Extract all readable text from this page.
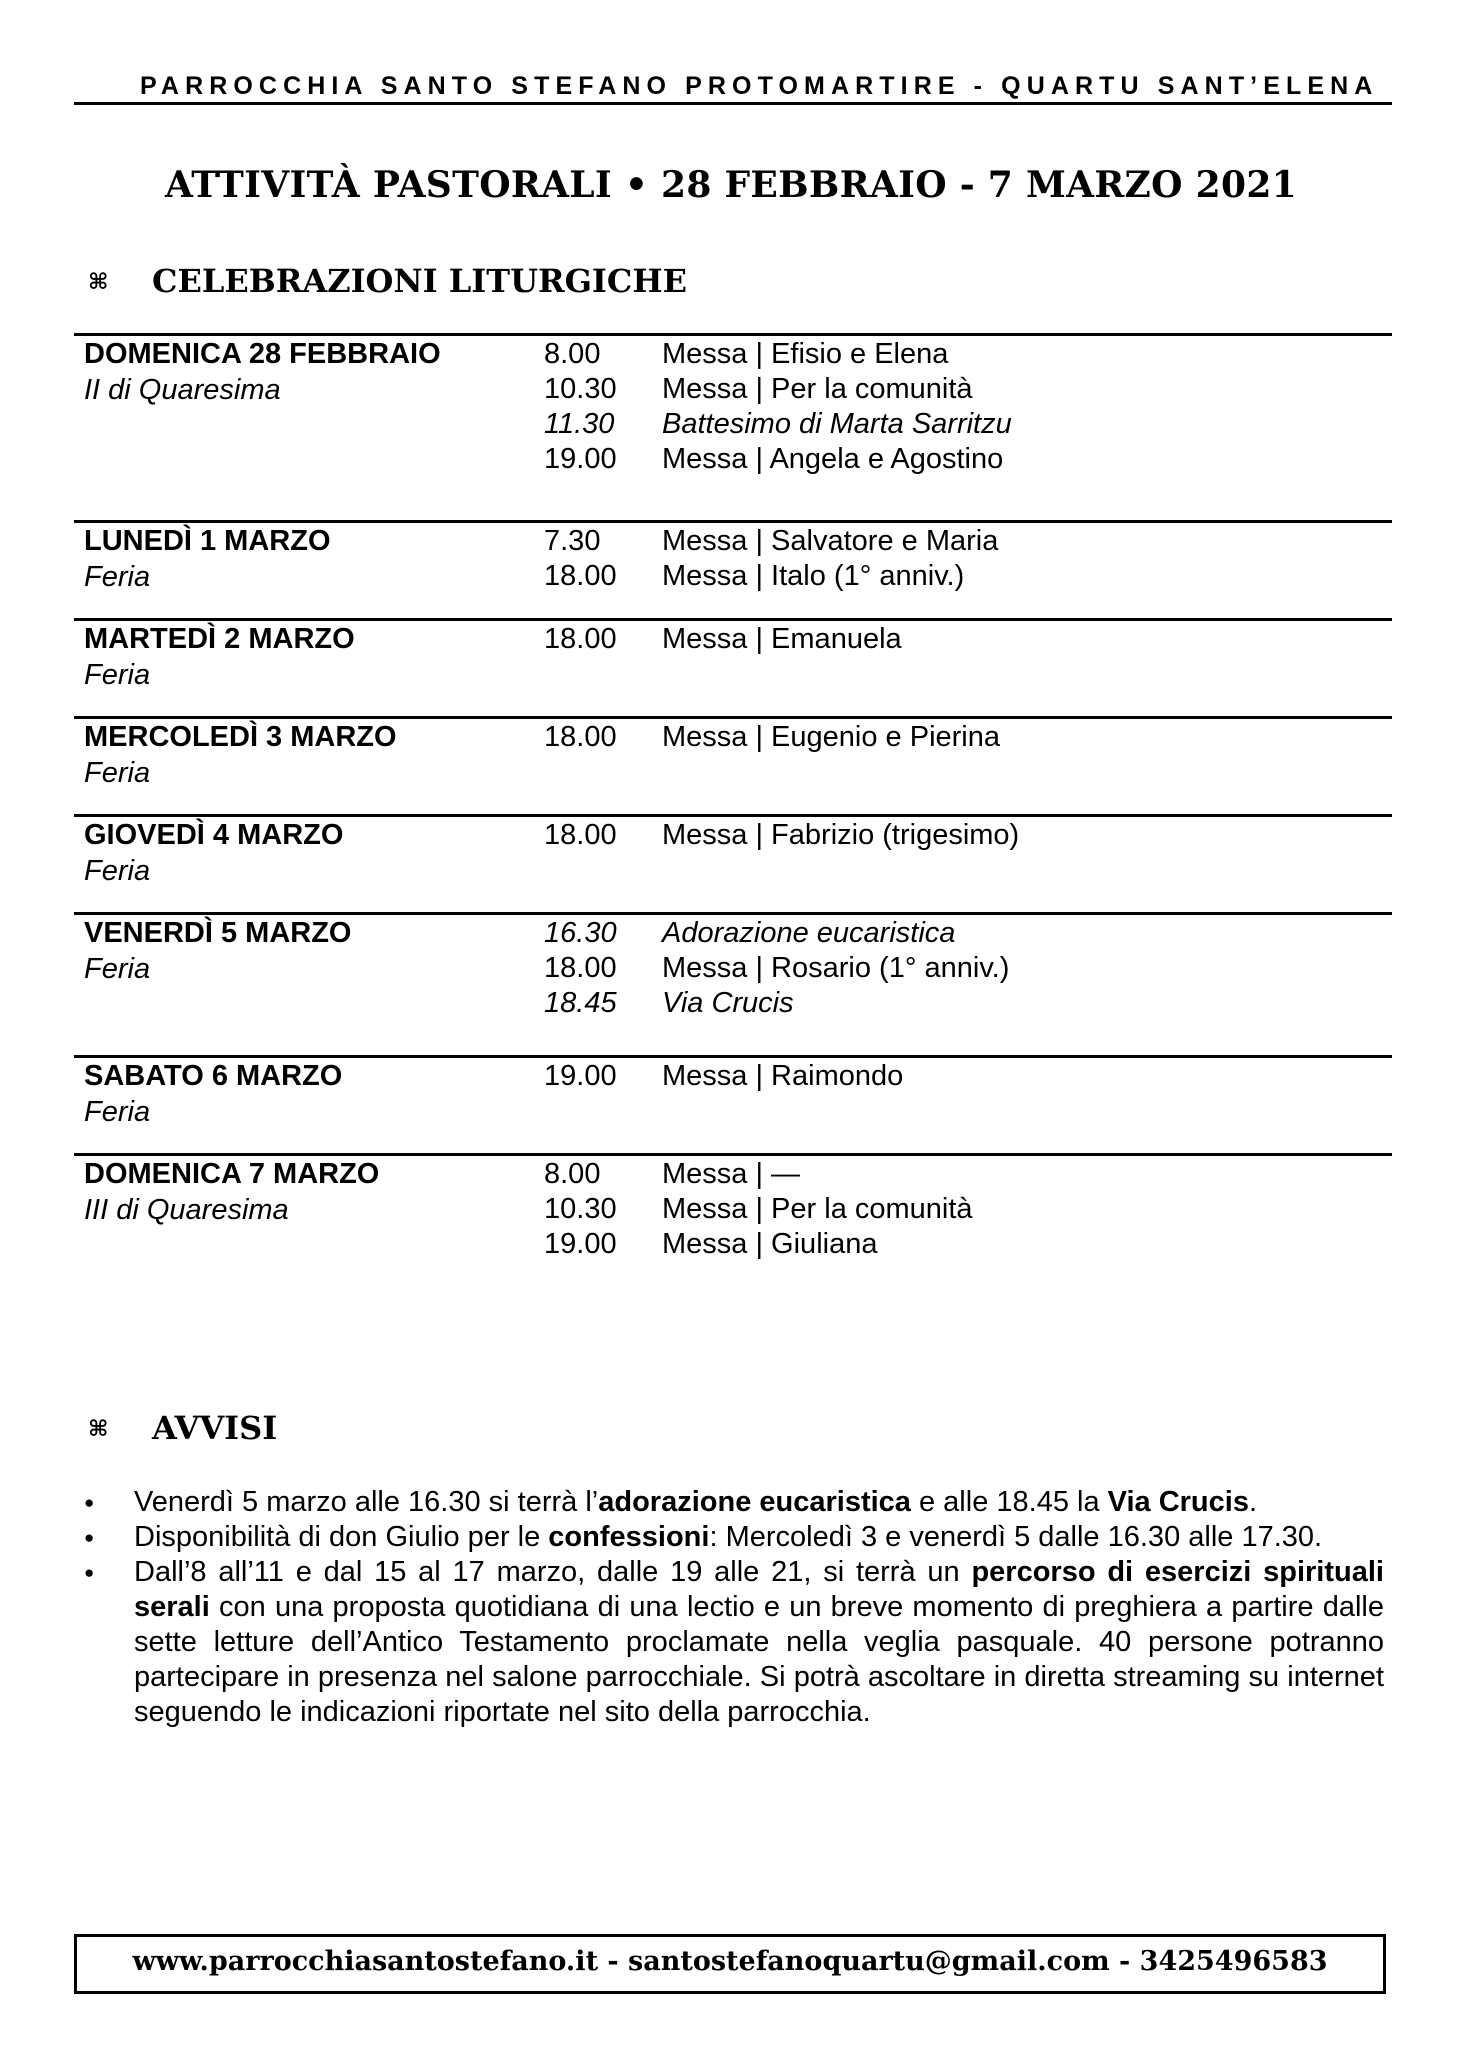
PARROCCHIA SANTO STEFANO PROTOMARTIRE - QUARTU SANT’ELENA
ATTIVITÀ PASTORALI • 28 FEBBRAIO - 7 MARZO 2021
⌘ CELEBRAZIONI LITURGICHE
DOMENICA 28 FEBBRAIO
II di Quaresima
8.00 Messa | Efisio e Elena
10.30 Messa | Per la comunità
11.30 Battesimo di Marta Sarritzu
19.00 Messa | Angela e Agostino
LUNEDÌ 1 MARZO
Feria
7.30 Messa | Salvatore e Maria
18.00 Messa | Italo (1° anniv.)
MARTEDÌ 2 MARZO
Feria
18.00 Messa | Emanuela
MERCOLEDÌ 3 MARZO
Feria
18.00 Messa | Eugenio e Pierina
GIOVEDÌ 4 MARZO
Feria
18.00 Messa | Fabrizio (trigesimo)
VENERDÌ 5 MARZO
Feria
16.30 Adorazione eucaristica
18.00 Messa | Rosario (1° anniv.)
18.45 Via Crucis
SABATO 6 MARZO
Feria
19.00 Messa | Raimondo
DOMENICA 7 MARZO
III di Quaresima
8.00 Messa | —
10.30 Messa | Per la comunità
19.00 Messa | Giuliana
⌘ AVVISI
● Venerdì 5 marzo alle 16.30 si terrà l’adorazione eucaristica e alle 18.45 la Via Crucis.
● Disponibilità di don Giulio per le confessioni: Mercoledì 3 e venerdì 5 dalle 16.30 alle 17.30.
● Dall’8 all’11 e dal 15 al 17 marzo, dalle 19 alle 21, si terrà un percorso di esercizi spirituali serali con una proposta quotidiana di una lectio e un breve momento di preghiera a partire dalle sette letture dell’Antico Testamento proclamate nella veglia pasquale. 40 persone potranno partecipare in presenza nel salone parrocchiale. Si potrà ascoltare in diretta streaming su internet seguendo le indicazioni riportate nel sito della parrocchia.
www.parrocchiasantostefano.it - santostefanoquartu@gmail.com - 3425496583
